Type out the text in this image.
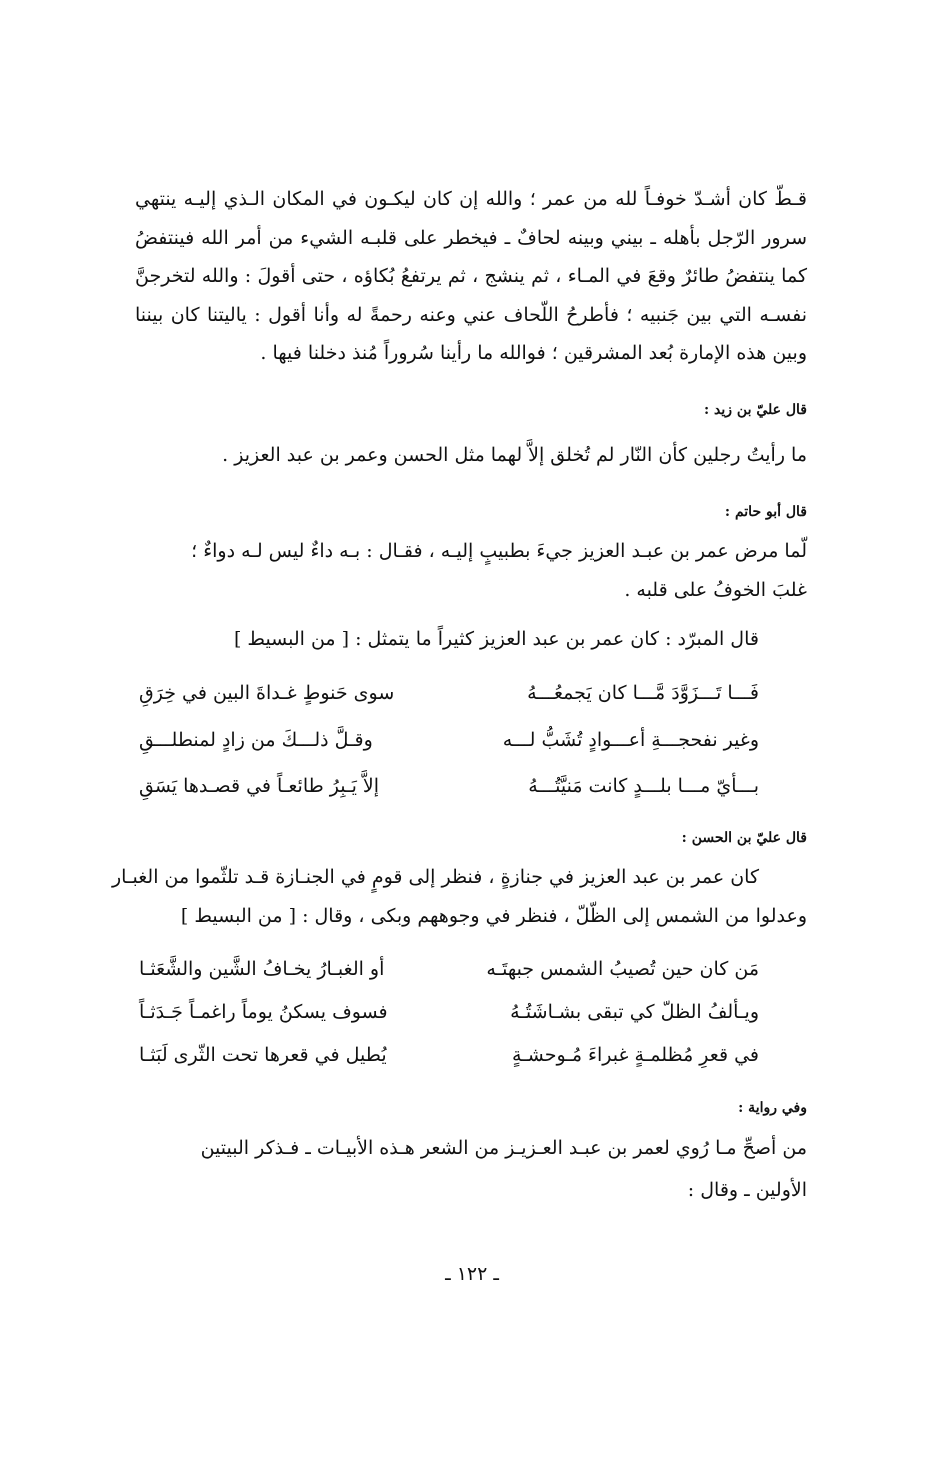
قـطّ كان أشـدّ خوفـاً لله من عمر ؛ والله إن كان ليكـون في المكان الـذي إليـه ينتهي سرور الرّجل بأهله ـ بيني وبينه لحافٌ ـ فيخطر على قلبـه الشيء من أمر الله فينتفضُ كما ينتفضُ طائرٌ وقعَ في المـاء ، ثم ينشج ، ثم يرتفعُ بُكاؤه ، حتى أقولَ : والله لتخرجنَّ نفسـه التي بين جَنبيه ؛ فأطرحُ اللّحاف عني وعنه رحمةً له وأنا أقول : ياليتنا كان بيننا وبين هذه الإمارة بُعد المشرقين ؛ فوالله ما رأينا سُروراً مُنذ دخلنا فيها .
قال عليّ بن زيد :
ما رأيتُ رجلين كأن النّار لم تُخلق إلاَّ لهما مثل الحسن وعمر بن عبد العزيز .
قال أبو حاتم :
لّما مرض عمر بن عبـد العزيز جيءَ بطبيبٍ إليـه ، فقـال : بـه داءٌ ليس لـه دواءٌ ؛
غلبَ الخوفُ على قلبه .
قال المبرّد : كان عمر بن عبد العزيز كثيراً ما يتمثل : [ من البسيط ]
فَـــا تَـــزَوَّدَ مَّـــا كان يَجمعُـــهُ
سوى حَنوطٍ غـداةَ البين في خِرَقِ
وغير نفحجـــةِ أعـــوادٍ تُشَبُّ لـــه
وقـلَّ ذلـــكَ من زادٍ لمنطلـــقِ
بـــأيّ مـــا بلـــدٍ كانت مَنيَّتُـــهُ
إلاَّ يَـبِرُ طائعـاً في قصـدها يَسَقِ
قال عليّ بن الحسن :
كان عمر بن عبد العزيز في جنازةٍ ، فنظر إلى قومٍ في الجنـازة قـد تلثّموا من الغبـار
وعدلوا من الشمس إلى الظّلّ ، فنظر في وجوههم وبكى ، وقال : [ من البسيط ]
مَن كان حين تُصيبُ الشمس جبهتَـه
أو الغبـارُ يخـافُ الشَّين والشَّعَثـا
ويـألفُ الظلّ كي تبقى بشـاشَتُـهُ
فسوف يسكنُ يوماً راغمـاً جَـدَثـاً
في قعرِ مُظلمـةٍ غبراءَ مُـوحشـةٍ
يُطيل في قعرها تحت الثّرى لَبَثـا
وفي رواية :
من أصحِّ مـا رُوي لعمر بن عبـد العـزيـز من الشعر هـذه الأبيـات ـ فـذكر البيتين
الأولين ـ وقال :
ـ ١٢٢ ـ
